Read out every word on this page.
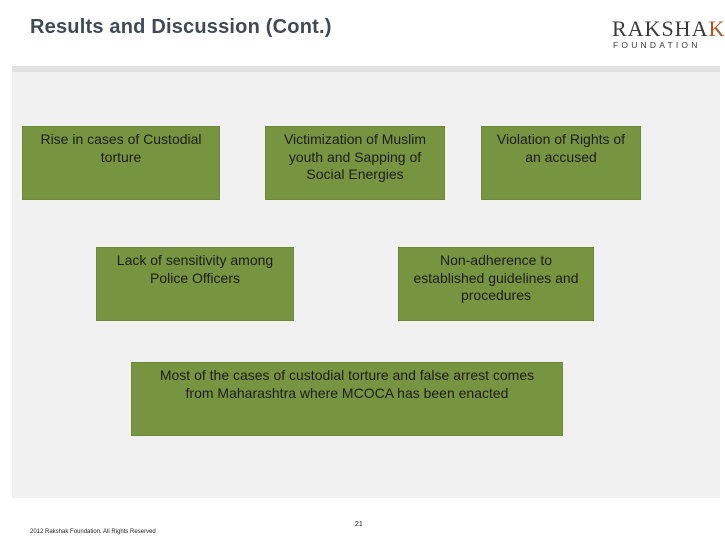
Results and Discussion (Cont.)	RAKSHAK
FOUNDATION
Rise in cases of Custodial torture
Victimization of Muslim youth and Sapping of Social Energies
Violation of Rights of an accused
Lack of sensitivity among Police Officers
Non-adherence to established guidelines and procedures
Most of the cases of custodial torture and false arrest comes from Maharashtra where MCOCA has been enacted
2012 Rakshak Foundation. All Rights Reserved
21
